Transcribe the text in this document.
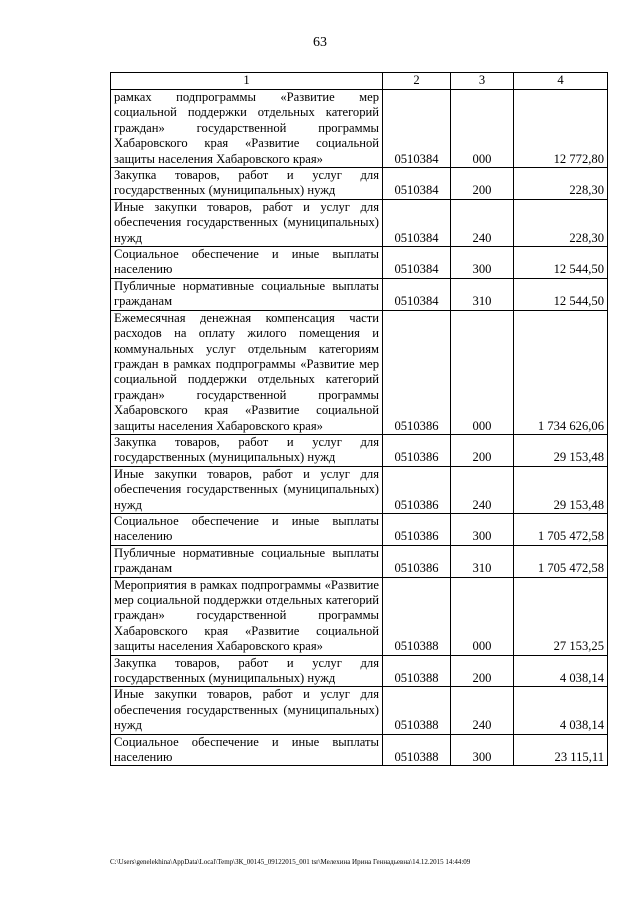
63
1	2	3	4
рамках подпрограммы «Развитие мер социальной поддержки отдельных категорий граждан» государственной программы Хабаровского края «Развитие социальной защиты населения Хабаровского края»	0510384	000	12 772,80
Закупка товаров, работ и услуг для государственных (муниципальных) нужд	0510384	200	228,30
Иные закупки товаров, работ и услуг для обеспечения государственных (муниципальных) нужд	0510384	240	228,30
Социальное обеспечение и иные выплаты населению	0510384	300	12 544,50
Публичные нормативные социальные выплаты гражданам	0510384	310	12 544,50
Ежемесячная денежная компенсация части расходов на оплату жилого помещения и коммунальных услуг отдельным категориям граждан в рамках подпрограммы «Развитие мер социальной поддержки отдельных категорий граждан» государственной программы Хабаровского края «Развитие социальной защиты населения Хабаровского края»	0510386	000	1 734 626,06
Закупка товаров, работ и услуг для государственных (муниципальных) нужд	0510386	200	29 153,48
Иные закупки товаров, работ и услуг для обеспечения государственных (муниципальных) нужд	0510386	240	29 153,48
Социальное обеспечение и иные выплаты населению	0510386	300	1 705 472,58
Публичные нормативные социальные выплаты гражданам	0510386	310	1 705 472,58
Мероприятия в рамках подпрограммы «Развитие мер социальной поддержки отдельных категорий граждан» государственной программы Хабаровского края «Развитие социальной защиты населения Хабаровского края»	0510388	000	27 153,25
Закупка товаров, работ и услуг для государственных (муниципальных) нужд	0510388	200	4 038,14
Иные закупки товаров, работ и услуг для обеспечения государственных (муниципальных) нужд	0510388	240	4 038,14
Социальное обеспечение и иные выплаты населению	0510388	300	23 115,11
C:\Users\genelekhina\AppData\Local\Temp\ЗК_00145_09122015_001 tsr\Мелехина Ирина Геннадьевна\14.12.2015 14:44:09
